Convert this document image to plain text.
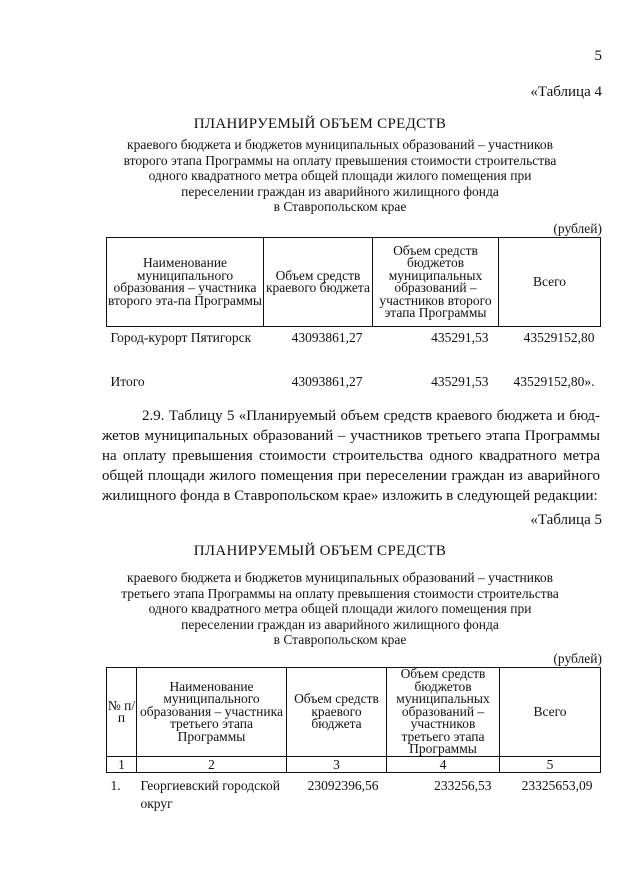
5
«Таблица 4
ПЛАНИРУЕМЫЙ ОБЪЕМ СРЕДСТВ
краевого бюджета и бюджетов муниципальных образований – участников
второго этапа Программы на оплату превышения стоимости строительства
одного квадратного метра общей площади жилого помещения при
переселении граждан из аварийного жилищного фонда
в Ставропольском крае
(рублей)
Наименование муниципального образования – участника второго эта-па Программы	Объем средств краевого бюджета	Объем средств бюджетов муниципальных образований – участников второго этапа Программы	Всего
Город-курорт Пятигорск	43093861,27	435291,53	43529152,80
Итого	43093861,27	435291,53	43529152,80».

2.9. Таблицу 5 «Планируемый объем средств краевого бюджета и бюд-жетов муниципальных образований – участников третьего этапа Программы на оплату превышения стоимости строительства одного квадратного метра общей площади жилого помещения при переселении граждан из аварийного жилищного фонда в Ставропольском крае» изложить в следующей редакции:

«Таблица 5
ПЛАНИРУЕМЫЙ ОБЪЕМ СРЕДСТВ
краевого бюджета и бюджетов муниципальных образований – участников
третьего этапа Программы на оплату превышения стоимости строительства
одного квадратного метра общей площади жилого помещения при
переселении граждан из аварийного жилищного фонда
в Ставропольском крае
(рублей)
№ п/п	Наименование муниципального образования – участника третьего этапа Программы	Объем средств краевого бюджета	Объем средств бюджетов муниципальных образований – участников третьего этапа Программы	Всего
1	2	3	4	5
1.	Георгиевский городской округ	23092396,56	233256,53	23325653,09
